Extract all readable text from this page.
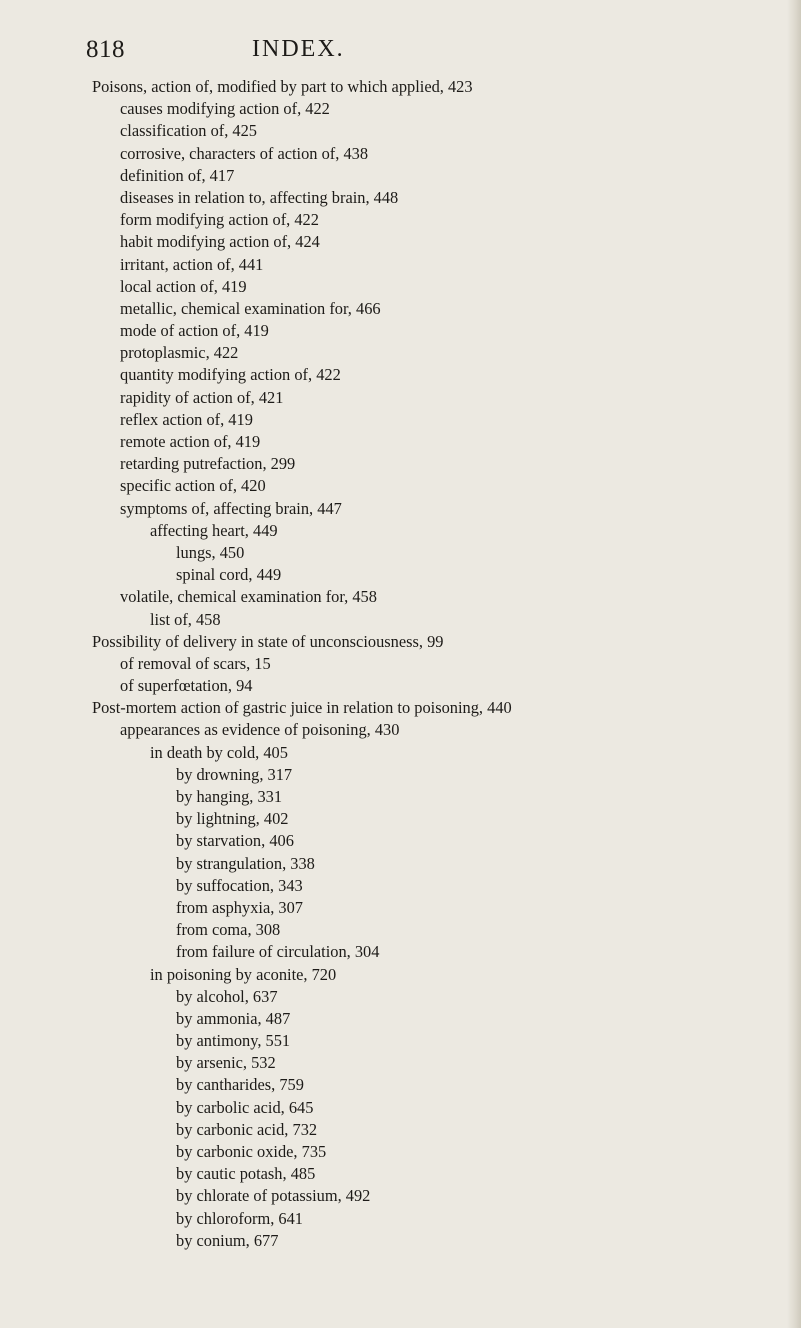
818	INDEX.
Poisons, action of, modified by part to which applied, 423
causes modifying action of, 422
classification of, 425
corrosive, characters of action of, 438
definition of, 417
diseases in relation to, affecting brain, 448
form modifying action of, 422
habit modifying action of, 424
irritant, action of, 441
local action of, 419
metallic, chemical examination for, 466
mode of action of, 419
protoplasmic, 422
quantity modifying action of, 422
rapidity of action of, 421
reflex action of, 419
remote action of, 419
retarding putrefaction, 299
specific action of, 420
symptoms of, affecting brain, 447
affecting heart, 449
lungs, 450
spinal cord, 449
volatile, chemical examination for, 458
list of, 458
Possibility of delivery in state of unconsciousness, 99
of removal of scars, 15
of superfœtation, 94
Post-mortem action of gastric juice in relation to poisoning, 440
appearances as evidence of poisoning, 430
in death by cold, 405
by drowning, 317
by hanging, 331
by lightning, 402
by starvation, 406
by strangulation, 338
by suffocation, 343
from asphyxia, 307
from coma, 308
from failure of circulation, 304
in poisoning by aconite, 720
by alcohol, 637
by ammonia, 487
by antimony, 551
by arsenic, 532
by cantharides, 759
by carbolic acid, 645
by carbonic acid, 732
by carbonic oxide, 735
by cautic potash, 485
by chlorate of potassium, 492
by chloroform, 641
by conium, 677
